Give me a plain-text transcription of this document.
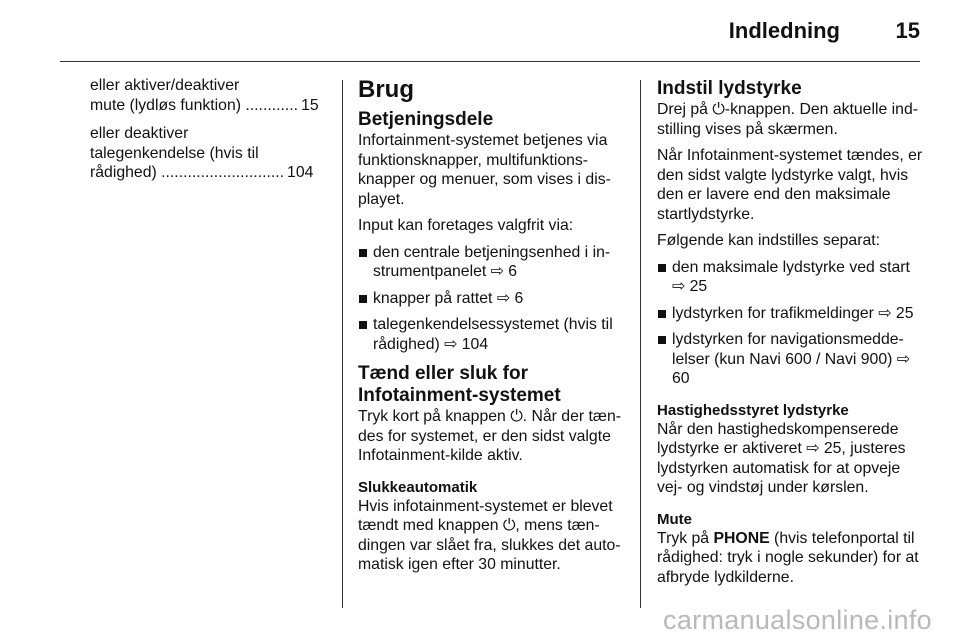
Indledning	15
eller aktiver/deaktiver
mute (lydløs funktion) ............ 15
eller deaktiver
talegenkendelse (hvis til
rådighed) ............................ 104
Brug
Betjeningsdele

Infortainment-systemet betjenes via funktionsknapper, multifunktions-knapper og menuer, som vises i dis-playet.

Input kan foretages valgfrit via:

den centrale betjeningsenhed i in-strumentpanelet ⇨ 6
knapper på rattet ⇨ 6
talegenkendelsessystemet (hvis til rådighed) ⇨ 104
Tænd eller sluk for Infotainment-systemet

Tryk kort på knappen ⏻. Når der tæn-des for systemet, er den sidst valgte Infotainment-kilde aktiv.

Slukkeautomatik

Hvis infotainment-systemet er blevet tændt med knappen ⏻, mens tæn-dingen var slået fra, slukkes det auto-matisk igen efter 30 minutter.

Indstil lydstyrke

Drej på ⏻-knappen. Den aktuelle ind-stilling vises på skærmen.

Når Infotainment-systemet tændes, er den sidst valgte lydstyrke valgt, hvis den er lavere end den maksimale startlydstyrke.

Følgende kan indstilles separat:

den maksimale lydstyrke ved start ⇨ 25
lydstyrken for trafikmeldinger ⇨ 25
lydstyrken for navigationsmedde-lelser (kun Navi 600 / Navi 900) ⇨ 60
Hastighedsstyret lydstyrke

Når den hastighedskompenserede lydstyrke er aktiveret ⇨ 25, justeres lydstyrken automatisk for at opveje vej- og vindstøj under kørslen.

Mute

Tryk på PHONE (hvis telefonportal til rådighed: tryk i nogle sekunder) for at afbryde lydkilderne.

carmanualsonline.info
